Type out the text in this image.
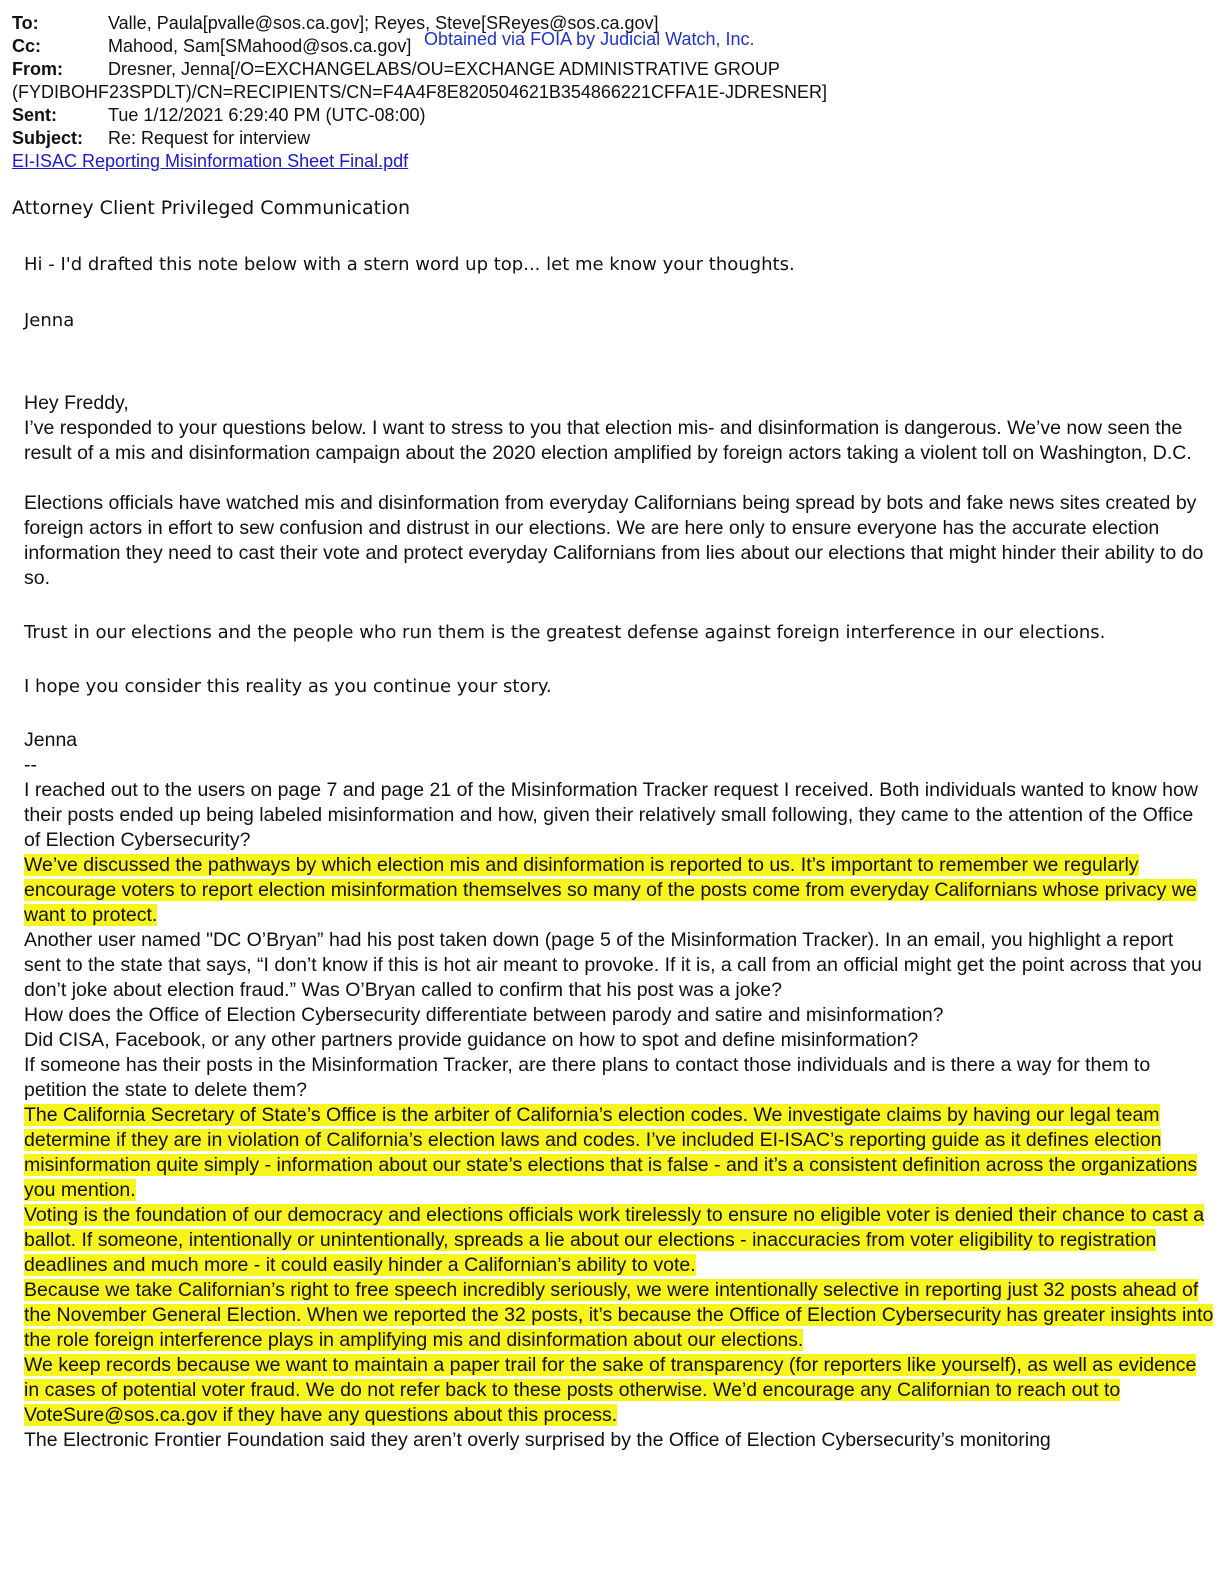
To:	Valle, Paula[pvalle@sos.ca.gov]; Reyes, Steve[SReyes@sos.ca.gov]
Cc:	Mahood, Sam[SMahood@sos.ca.gov]
From:	Dresner, Jenna[/O=EXCHANGELABS/OU=EXCHANGE ADMINISTRATIVE GROUP
(FYDIBOHF23SPDLT)/CN=RECIPIENTS/CN=F4A4F8E820504621B354866221CFFA1E-JDRESNER]
Sent:	Tue 1/12/2021 6:29:40 PM (UTC-08:00)
Subject: Re: Request for interview
EI-ISAC Reporting Misinformation Sheet Final.pdf
Obtained via FOIA by Judicial Watch, Inc.
Attorney Client Privileged Communication
Hi - I'd drafted this note below with a stern word up top... let me know your thoughts.
Jenna

Hey Freddy,

I’ve responded to your questions below. I want to stress to you that election mis- and disinformation is dangerous. We’ve now seen the result of a mis and disinformation campaign about the 2020 election amplified by foreign actors taking a violent toll on Washington, D.C.

Elections officials have watched mis and disinformation from everyday Californians being spread by bots and fake news sites created by foreign actors in effort to sew confusion and distrust in our elections. We are here only to ensure everyone has the accurate election information they need to cast their vote and protect everyday Californians from lies about our elections that might hinder their ability to do so.

Trust in our elections and the people who run them is the greatest defense against foreign interference in our elections.

I hope you consider this reality as you continue your story.

Jenna

--

I reached out to the users on page 7 and page 21 of the Misinformation Tracker request I received. Both individuals wanted to know how their posts ended up being labeled misinformation and how, given their relatively small following, they came to the attention of the Office of Election Cybersecurity?

We’ve discussed the pathways by which election mis and disinformation is reported to us. It’s important to remember we regularly encourage voters to report election misinformation themselves so many of the posts come from everyday Californians whose privacy we want to protect.

Another user named "DC O’Bryan” had his post taken down (page 5 of the Misinformation Tracker). In an email, you highlight a report sent to the state that says, “I don’t know if this is hot air meant to provoke. If it is, a call from an official might get the point across that you don’t joke about election fraud.” Was O’Bryan called to confirm that his post was a joke?

How does the Office of Election Cybersecurity differentiate between parody and satire and misinformation?

Did CISA, Facebook, or any other partners provide guidance on how to spot and define misinformation?

If someone has their posts in the Misinformation Tracker, are there plans to contact those individuals and is there a way for them to petition the state to delete them?

The California Secretary of State’s Office is the arbiter of California’s election codes. We investigate claims by having our legal team determine if they are in violation of California’s election laws and codes. I’ve included EI-ISAC’s reporting guide as it defines election misinformation quite simply - information about our state’s elections that is false - and it’s a consistent definition across the organizations you mention.

Voting is the foundation of our democracy and elections officials work tirelessly to ensure no eligible voter is denied their chance to cast a ballot. If someone, intentionally or unintentionally, spreads a lie about our elections - inaccuracies from voter eligibility to registration deadlines and much more - it could easily hinder a Californian’s ability to vote.

Because we take Californian’s right to free speech incredibly seriously, we were intentionally selective in reporting just 32 posts ahead of the November General Election. When we reported the 32 posts, it’s because the Office of Election Cybersecurity has greater insights into the role foreign interference plays in amplifying mis and disinformation about our elections.

We keep records because we want to maintain a paper trail for the sake of transparency (for reporters like yourself), as well as evidence in cases of potential voter fraud. We do not refer back to these posts otherwise. We’d encourage any Californian to reach out to VoteSure@sos.ca.gov if they have any questions about this process.

The Electronic Frontier Foundation said they aren’t overly surprised by the Office of Election Cybersecurity’s monitoring
